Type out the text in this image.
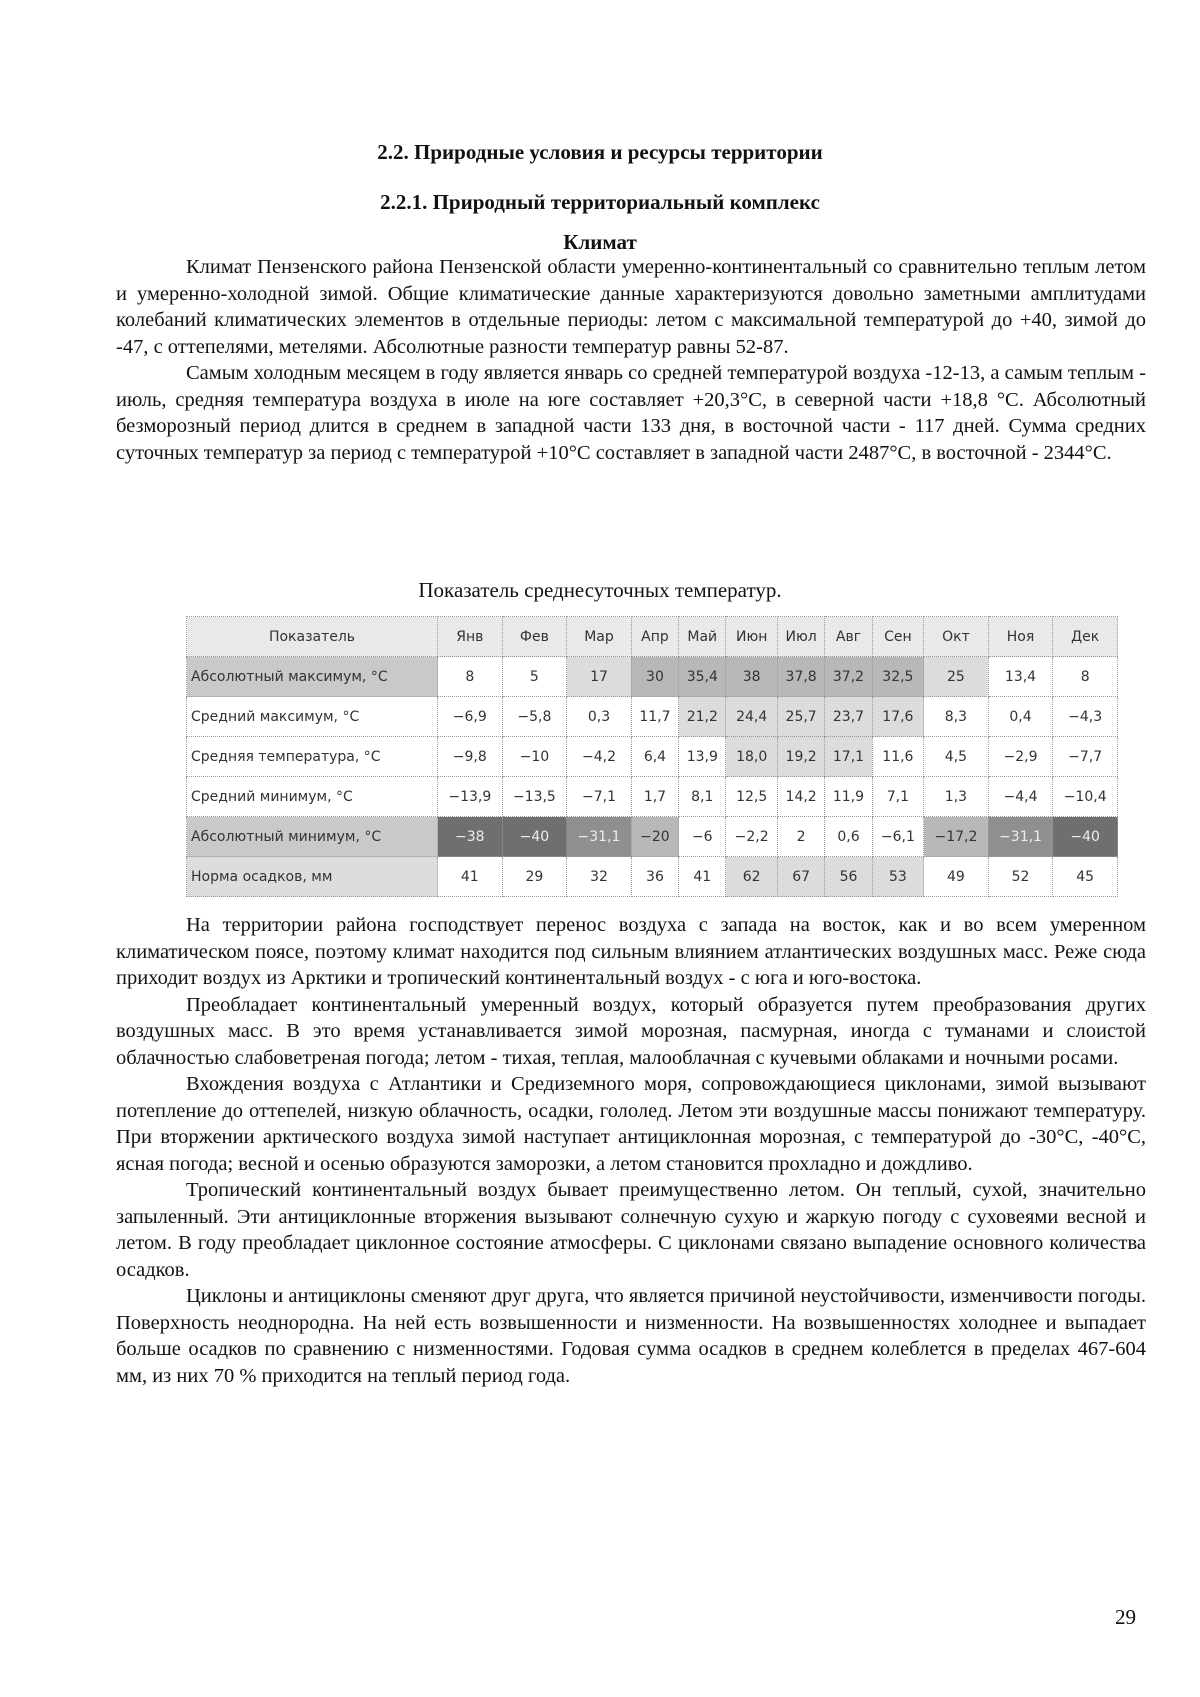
2.2. Природные условия и ресурсы территории
2.2.1. Природный территориальный комплекс
Климат

Климат Пензенского района Пензенской области умеренно-континентальный со сравнительно теплым летом и умеренно-холодной зимой. Общие климатические данные характеризуются довольно заметными амплитудами колебаний климатических элементов в отдельные периоды: летом с максимальной температурой до +40, зимой до -47, с оттепелями, метелями. Абсолютные разности температур равны 52-87.

Самым холодным месяцем в году является январь со средней температурой воздуха -12-13, а самым теплым - июль, средняя температура воздуха в июле на юге составляет +20,3°С, в северной части +18,8 °С. Абсолютный безморозный период длится в среднем в западной части 133 дня, в восточной части - 117 дней. Сумма средних суточных температур за период с температурой +10°С составляет в западной части 2487°С, в восточной - 2344°С.

Показатель среднесуточных температур.
Показатель	Янв	Фев	Мар	Апр	Май	Июн	Июл	Авг	Сен	Окт	Ноя	Дек
Абсолютный максимум, °С	8	5	17	30	35,4	38	37,8	37,2	32,5	25	13,4	8
Средний максимум, °С	−6,9	−5,8	0,3	11,7	21,2	24,4	25,7	23,7	17,6	8,3	0,4	−4,3
Средняя температура, °С	−9,8	−10	−4,2	6,4	13,9	18,0	19,2	17,1	11,6	4,5	−2,9	−7,7
Средний минимум, °С	−13,9	−13,5	−7,1	1,7	8,1	12,5	14,2	11,9	7,1	1,3	−4,4	−10,4
Абсолютный минимум, °С	−38	−40	−31,1	−20	−6	−2,2	2	0,6	−6,1	−17,2	−31,1	−40
Норма осадков, мм	41	29	32	36	41	62	67	56	53	49	52	45

На территории района господствует перенос воздуха с запада на восток, как и во всем умеренном климатическом поясе, поэтому климат находится под сильным влиянием атлантических воздушных масс. Реже сюда приходит воздух из Арктики и тропический континентальный воздух - с юга и юго-востока.

Преобладает континентальный умеренный воздух, который образуется путем преобразования других воздушных масс. В это время устанавливается зимой морозная, пасмурная, иногда с туманами и слоистой облачностью слабоветреная погода; летом - тихая, теплая, малооблачная с кучевыми облаками и ночными росами.

Вхождения воздуха с Атлантики и Средиземного моря, сопровождающиеся циклонами, зимой вызывают потепление до оттепелей, низкую облачность, осадки, гололед. Летом эти воздушные массы понижают температуру. При вторжении арктического воздуха зимой наступает антициклонная морозная, с температурой до -30°С, -40°С, ясная погода; весной и осенью образуются заморозки, а летом становится прохладно и дождливо.

Тропический континентальный воздух бывает преимущественно летом. Он теплый, сухой, значительно запыленный. Эти антициклонные вторжения вызывают солнечную сухую и жаркую погоду с суховеями весной и летом. В году преобладает циклонное состояние атмосферы. С циклонами связано выпадение основного количества осадков.

Циклоны и антициклоны сменяют друг друга, что является причиной неустойчивости, изменчивости погоды. Поверхность неоднородна. На ней есть возвышенности и низменности. На возвышенностях холоднее и выпадает больше осадков по сравнению с низменностями. Годовая сумма осадков в среднем колеблется в пределах 467-604 мм, из них 70 % приходится на теплый период года.

29
